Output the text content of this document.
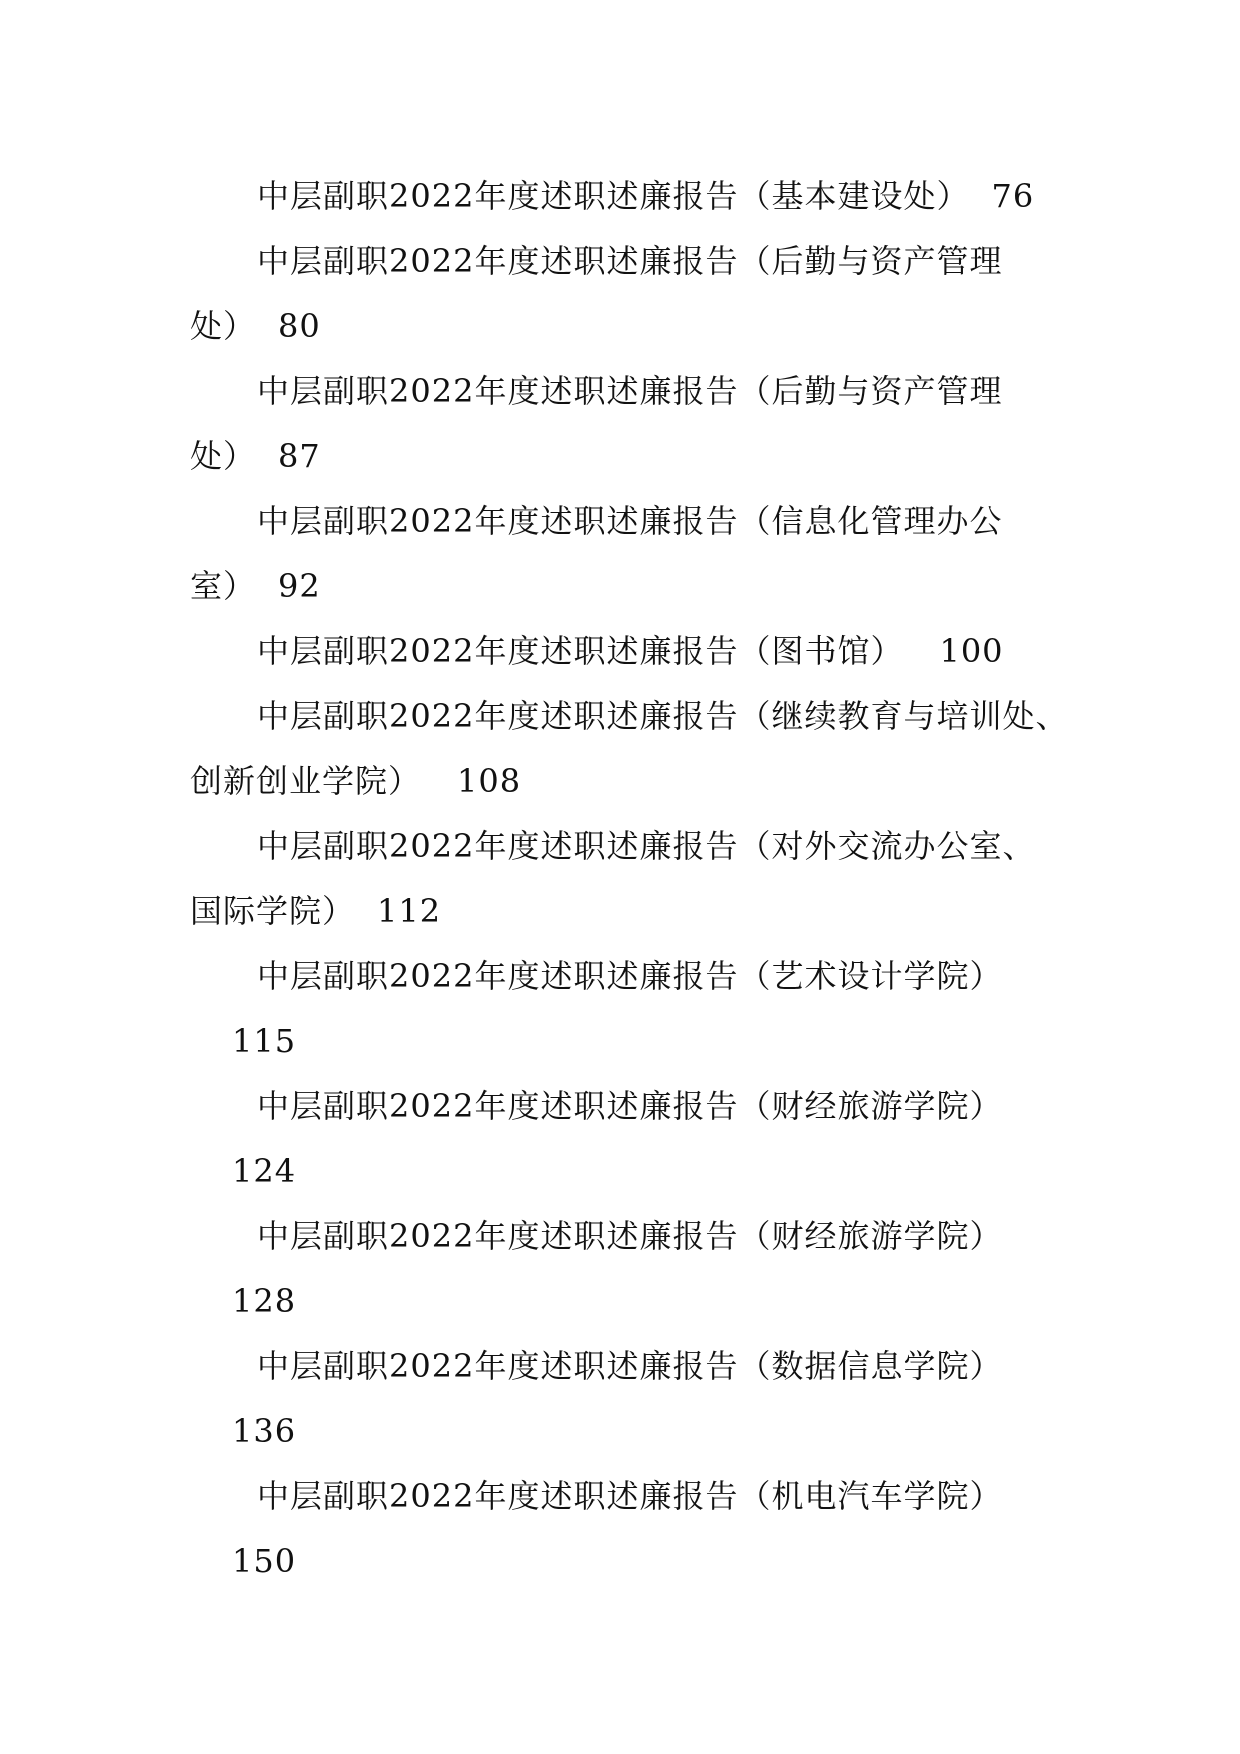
中层副职2022年度述职述廉报告（基本建设处） 76
中层副职2022年度述职述廉报告（后勤与资产管理
处） 80
中层副职2022年度述职述廉报告（后勤与资产管理
处） 87
中层副职2022年度述职述廉报告（信息化管理办公
室） 92
中层副职2022年度述职述廉报告（图书馆） 100
中层副职2022年度述职述廉报告（继续教育与培训处、
创新创业学院） 108
中层副职2022年度述职述廉报告（对外交流办公室、
国际学院） 112
中层副职2022年度述职述廉报告（艺术设计学院）
115
中层副职2022年度述职述廉报告（财经旅游学院）
124
中层副职2022年度述职述廉报告（财经旅游学院）
128
中层副职2022年度述职述廉报告（数据信息学院）
136
中层副职2022年度述职述廉报告（机电汽车学院）
150
